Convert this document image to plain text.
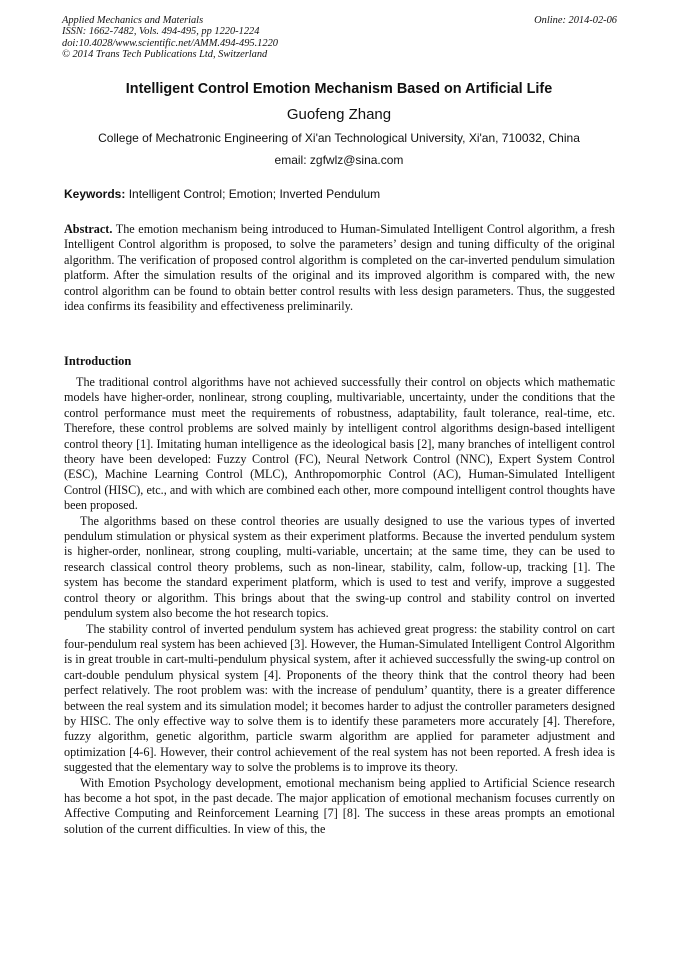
Applied Mechanics and Materials
ISSN: 1662-7482, Vols. 494-495, pp 1220-1224
doi:10.4028/www.scientific.net/AMM.494-495.1220
© 2014 Trans Tech Publications Ltd, Switzerland
Online: 2014-02-06
Intelligent Control Emotion Mechanism Based on Artificial Life
Guofeng Zhang
College of Mechatronic Engineering of Xi'an Technological University, Xi'an, 710032, China
email: zgfwlz@sina.com
Keywords: Intelligent Control; Emotion; Inverted Pendulum

Abstract. The emotion mechanism being introduced to Human-Simulated Intelligent Control algorithm, a fresh Intelligent Control algorithm is proposed, to solve the parameters’ design and tuning difficulty of the original algorithm. The verification of proposed control algorithm is completed on the car-inverted pendulum simulation platform. After the simulation results of the original and its improved algorithm is compared with, the new control algorithm can be found to obtain better control results with less design parameters. Thus, the suggested idea confirms its feasibility and effectiveness preliminarily.

Introduction

The traditional control algorithms have not achieved successfully their control on objects which mathematic models have higher-order, nonlinear, strong coupling, multivariable, uncertainty, under the conditions that the control performance must meet the requirements of robustness, adaptability, fault tolerance, real-time, etc. Therefore, these control problems are solved mainly by intelligent control algorithms design-based intelligent control theory [1]. Imitating human intelligence as the ideological basis [2], many branches of intelligent control theory have been developed: Fuzzy Control (FC), Neural Network Control (NNC), Expert System Control (ESC), Machine Learning Control (MLC), Anthropomorphic Control (AC), Human-Simulated Intelligent Control (HISC), etc., and with which are combined each other, more compound intelligent control thoughts have been proposed.

The algorithms based on these control theories are usually designed to use the various types of inverted pendulum stimulation or physical system as their experiment platforms. Because the inverted pendulum system is higher-order, nonlinear, strong coupling, multi-variable, uncertain; at the same time, they can be used to research classical control theory problems, such as non-linear, stability, calm, follow-up, tracking [1]. The system has become the standard experiment platform, which is used to test and verify, improve a suggested control theory or algorithm. This brings about that the swing-up control and stability control on inverted pendulum system also become the hot research topics.

The stability control of inverted pendulum system has achieved great progress: the stability control on cart four-pendulum real system has been achieved [3]. However, the Human-Simulated Intelligent Control Algorithm is in great trouble in cart-multi-pendulum physical system, after it achieved successfully the swing-up control on cart-double pendulum physical system [4]. Proponents of the theory think that the control theory had been perfect relatively. The root problem was: with the increase of pendulum’ quantity, there is a greater difference between the real system and its simulation model; it becomes harder to adjust the controller parameters designed by HISC. The only effective way to solve them is to identify these parameters more accurately [4]. Therefore, fuzzy algorithm, genetic algorithm, particle swarm algorithm are applied for parameter adjustment and optimization [4-6]. However, their control achievement of the real system has not been reported. A fresh idea is suggested that the elementary way to solve the problems is to improve its theory.

With Emotion Psychology development, emotional mechanism being applied to Artificial Science research has become a hot spot, in the past decade. The major application of emotional mechanism focuses currently on Affective Computing and Reinforcement Learning [7] [8]. The success in these areas prompts an emotional solution of the current difficulties. In view of this, the
